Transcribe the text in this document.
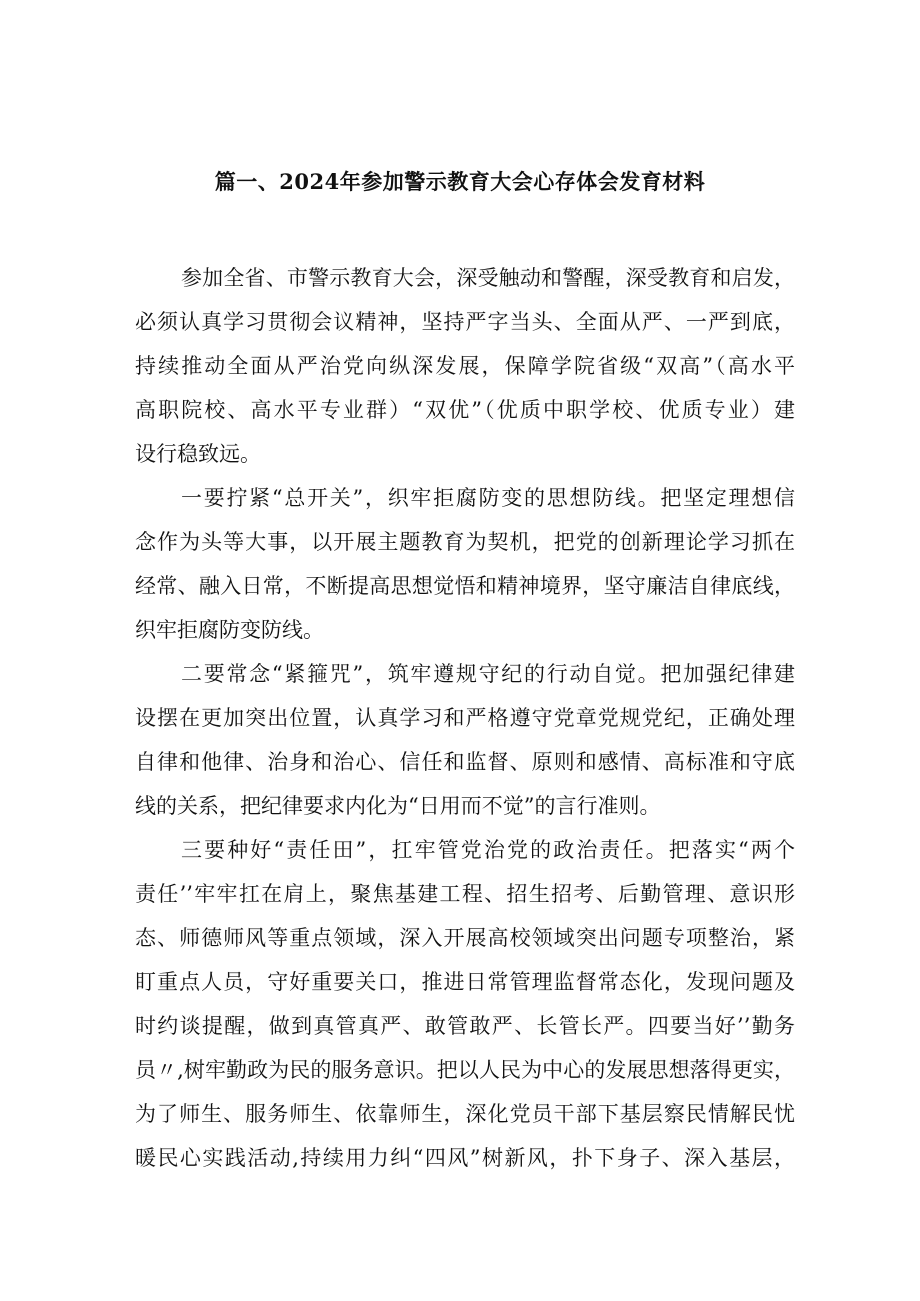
篇一、2024年参加警示教育大会心存体会发育材料
参加全省、市警示教育大会，深受触动和警醒，深受教育和启发，
必须认真学习贯彻会议精神，坚持严字当头、全面从严、一严到底，
持续推动全面从严治党向纵深发展，保障学院省级“双高”（高水平
高职院校、高水平专业群）“双优”（优质中职学校、优质专业）建
设行稳致远。
一要拧紧“总开关”，织牢拒腐防变的思想防线。把坚定理想信
念作为头等大事，以开展主题教育为契机，把党的创新理论学习抓在
经常、融入日常，不断提高思想觉悟和精神境界，坚守廉洁自律底线，
织牢拒腐防变防线。
二要常念“紧箍咒”，筑牢遵规守纪的行动自觉。把加强纪律建
设摆在更加突出位置，认真学习和严格遵守党章党规党纪，正确处理
自律和他律、治身和治心、信任和监督、原则和感情、高标准和守底
线的关系，把纪律要求内化为“日用而不觉”的言行准则。
三要种好“责任田”，扛牢管党治党的政治责任。把落实“两个
责任’’牢牢扛在肩上，聚焦基建工程、招生招考、后勤管理、意识形
态、师德师风等重点领域，深入开展高校领域突出问题专项整治，紧
盯重点人员，守好重要关口，推进日常管理监督常态化，发现问题及
时约谈提醒，做到真管真严、敢管敢严、长管长严。四要当好’’勤务
员〃,树牢勤政为民的服务意识。把以人民为中心的发展思想落得更实，
为了师生、服务师生、依靠师生，深化党员干部下基层察民情解民忧
暖民心实践活动,持续用力纠“四风”树新风，扑下身子、深入基层，
